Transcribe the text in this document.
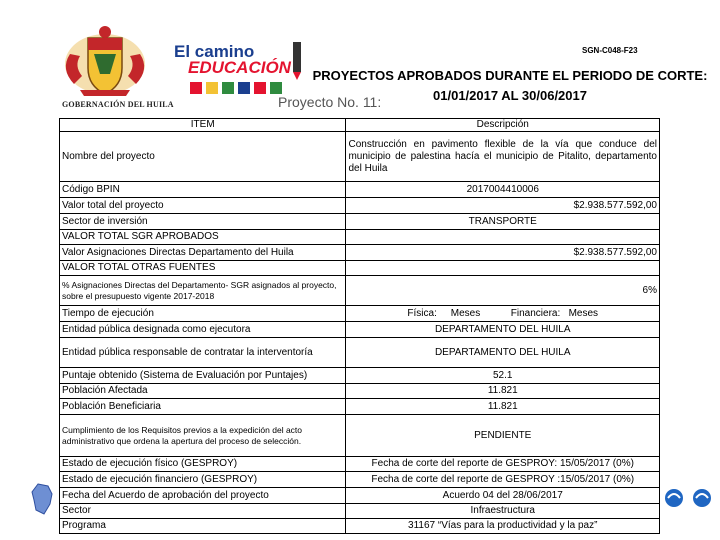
GOBERNACIÓN DEL HUILA
El camino
EDUCACIÓN
SGN-C048-F23
PROYECTOS APROBADOS DURANTE EL PERIODO DE CORTE:
01/01/2017 AL 30/06/2017
Proyecto No. 11:
ITEM	Descripción
Nombre del proyecto	Construcción en pavimento flexible de la vía que conduce del municipio de palestina hacía el municipio de Pitalito, departamento del Huila
Código BPIN	2017004410006
Valor total del proyecto	$2.938.577.592,00
Sector de inversión	TRANSPORTE
VALOR TOTAL SGR APROBADOS	
Valor Asignaciones Directas Departamento del Huila	$2.938.577.592,00
VALOR TOTAL OTRAS FUENTES	
% Asignaciones Directas del Departamento- SGR asignados al proyecto, sobre el presupuesto vigente 2017-2018	6%
Tiempo de ejecución	Física:     Meses           Financiera:   Meses
Entidad pública designada como ejecutora	DEPARTAMENTO DEL HUILA
Entidad pública responsable de contratar la interventoría	DEPARTAMENTO DEL HUILA
Puntaje obtenido (Sistema de Evaluación por Puntajes)	52.1
Población Afectada	11.821
Población Beneficiaria	11.821
Cumplimiento de los Requisitos previos a la expedición del acto administrativo que ordena la apertura del proceso de selección.	PENDIENTE
Estado de ejecución físico (GESPROY)	Fecha de corte del reporte de GESPROY: 15/05/2017 (0%)
Estado de ejecución financiero (GESPROY)	Fecha de corte del reporte de GESPROY :15/05/2017 (0%)
Fecha del Acuerdo de aprobación del proyecto	Acuerdo 04 del 28/06/2017
Sector	Infraestructura
Programa	31167 “Vías para la productividad y la paz”
